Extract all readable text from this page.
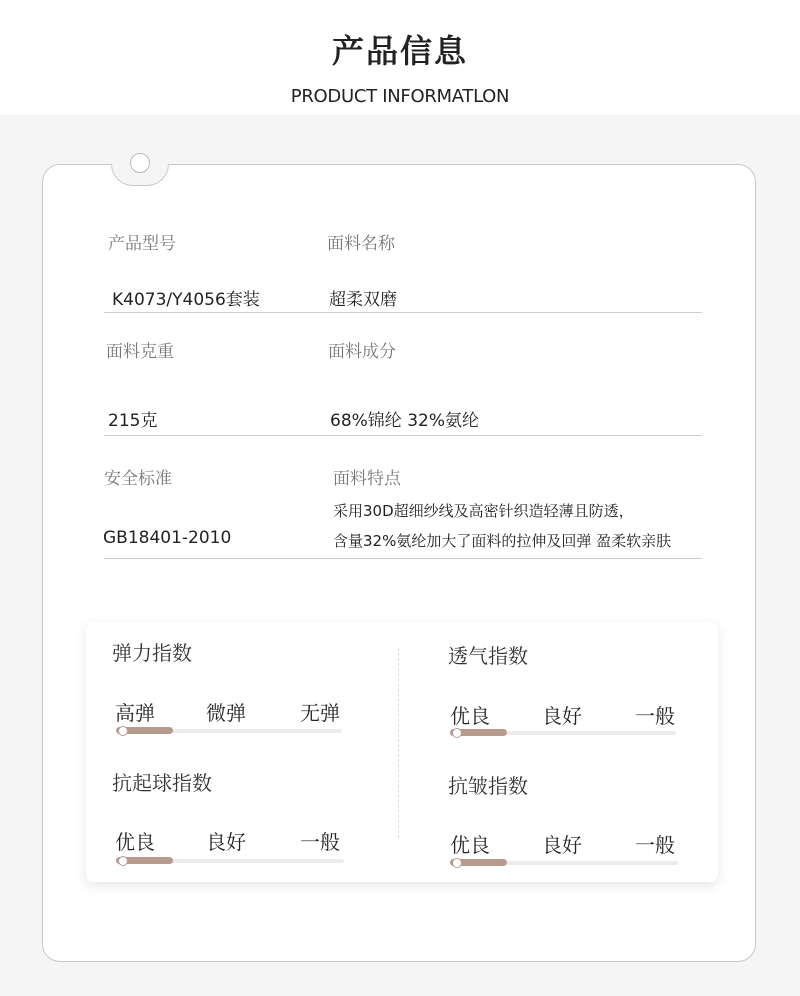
产品信息
PRODUCT INFORMATLON
产品型号	面料名称
K4073/Y4056套装	超柔双磨
面料克重	面料成分
215克	68%锦纶 32%氨纶
安全标准	面料特点
采用30D超细纱线及高密针织造轻薄且防透，
GB18401-2010	含量32%氨纶加大了面料的拉伸及回弹 盈柔软亲肤
弹力指数
高弹	微弹	无弹
透气指数
优良	良好	一般
抗起球指数
优良	良好	一般
抗皱指数
优良	良好	一般
